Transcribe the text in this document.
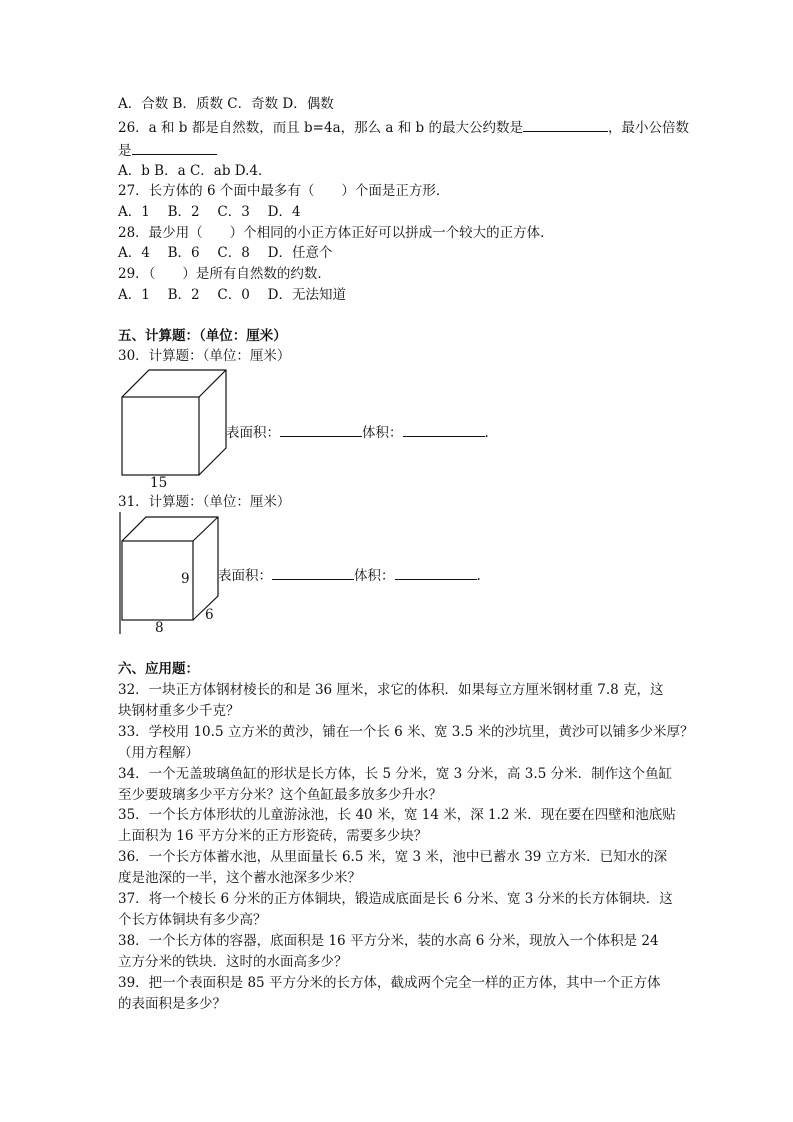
A．合数 B．质数 C．奇数 D．偶数
26．a 和 b 都是自然数，而且 b=4a，那么 a 和 b 的最大公约数是	，最小公倍数
是
A．b B．a C．ab D.4．
27．长方体的 6 个面中最多有（　　）个面是正方形．
A．1　 B．2　 C．3　 D．4
28．最少用（　　）个相同的小正方体正好可以拼成一个较大的正方体．
A．4　 B．6　 C．8　 D．任意个
29．（　　）是所有自然数的约数．
A．1　 B．2　 C．0　 D．无法知道
五、计算题：（单位：厘米）
30．计算题：（单位：厘米）
15
表面积：	体积：	.
31．计算题：（单位：厘米）
9
6
8
表面积：	体积：	.
六、应用题：
32．一块正方体钢材棱长的和是 36 厘米，求它的体积．如果每立方厘米钢材重 7.8 克，这
块钢材重多少千克？
33．学校用 10.5 立方米的黄沙，铺在一个长 6 米、宽 3.5 米的沙坑里，黄沙可以铺多少米厚？
（用方程解）
34．一个无盖玻璃鱼缸的形状是长方体，长 5 分米，宽 3 分米，高 3.5 分米．制作这个鱼缸
至少要玻璃多少平方分米？这个鱼缸最多放多少升水？
35．一个长方体形状的儿童游泳池，长 40 米，宽 14 米，深 1.2 米．现在要在四壁和池底贴
上面积为 16 平方分米的正方形瓷砖，需要多少块？
36．一个长方体蓄水池，从里面量长 6.5 米，宽 3 米，池中已蓄水 39 立方米．已知水的深
度是池深的一半，这个蓄水池深多少米？
37．将一个棱长 6 分米的正方体铜块，锻造成底面是长 6 分米、宽 3 分米的长方体铜块．这
个长方体铜块有多少高？
38．一个长方体的容器，底面积是 16 平方分米，装的水高 6 分米，现放入一个体积是 24
立方分米的铁块．这时的水面高多少？
39．把一个表面积是 85 平方分米的长方体，截成两个完全一样的正方体，其中一个正方体
的表面积是多少？
